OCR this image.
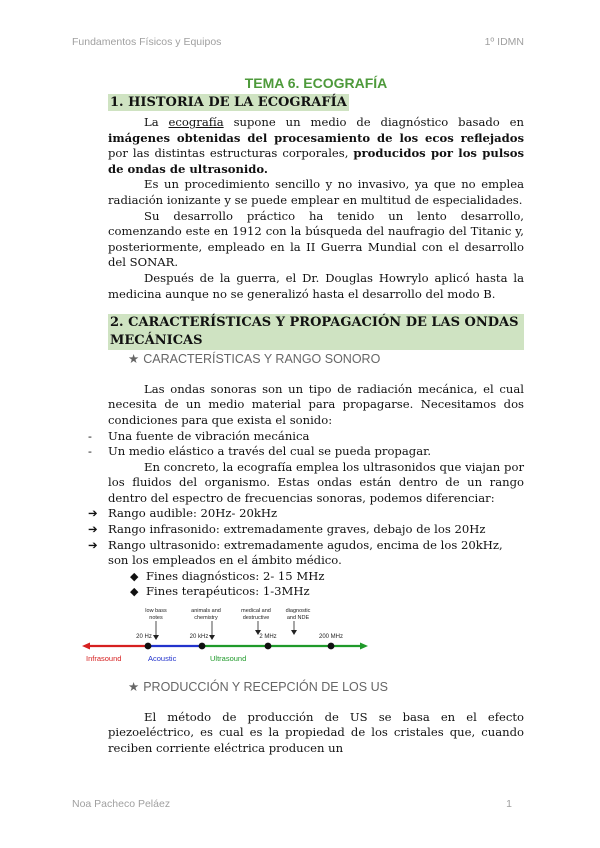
Fundamentos Físicos y Equipos	1º IDMN
TEMA 6. ECOGRAFÍA
1. HISTORIA DE LA ECOGRAFÍA

La ecografía supone un medio de diagnóstico basado en imágenes obtenidas del procesamiento de los ecos reflejados por las distintas estructuras corporales, producidos por los pulsos de ondas de ultrasonido.

Es un procedimiento sencillo y no invasivo, ya que no emplea radiación ionizante y se puede emplear en multitud de especialidades.

Su desarrollo práctico ha tenido un lento desarrollo, comenzando este en 1912 con la búsqueda del naufragio del Titanic y, posteriormente, empleado en la II Guerra Mundial con el desarrollo del SONAR.

Después de la guerra, el Dr. Douglas Howrylo aplicó hasta la medicina aunque no se generalizó hasta el desarrollo del modo B.

2. CARACTERÍSTICAS Y PROPAGACIÓN DE LAS ONDAS MECÁNICAS
★ CARACTERÍSTICAS Y RANGO SONORO

Las ondas sonoras son un tipo de radiación mecánica, el cual necesita de un medio material para propagarse. Necesitamos dos condiciones para que exista el sonido:

- Una fuente de vibración mecánica
- Un medio elástico a través del cual se pueda propagar.

En concreto, la ecografía emplea los ultrasonidos que viajan por los fluidos del organismo. Estas ondas están dentro de un rango dentro del espectro de frecuencias sonoras, podemos diferenciar:

➔ Rango audible: 20Hz- 20kHz
➔ Rango infrasonido: extremadamente graves, debajo de los 20Hz
➔ Rango ultrasonido: extremadamente agudos, encima de los 20kHz, son los empleados en el ámbito médico.
◆ Fines diagnósticos: 2- 15 MHz
◆ Fines terapéuticos: 1-3MHz
low bass
notes
animals and
chemistry
medical and
destructive
diagnostic
and NDE
20 Hz	20 kHz	2 MHz	200 MHz
Infrasound	Acoustic	Ultrasound
★ PRODUCCIÓN Y RECEPCIÓN DE LOS US

El método de producción de US se basa en el efecto piezoeléctrico, es cual es la propiedad de los cristales que, cuando reciben corriente eléctrica producen un

Noa Pacheco Peláez	1
